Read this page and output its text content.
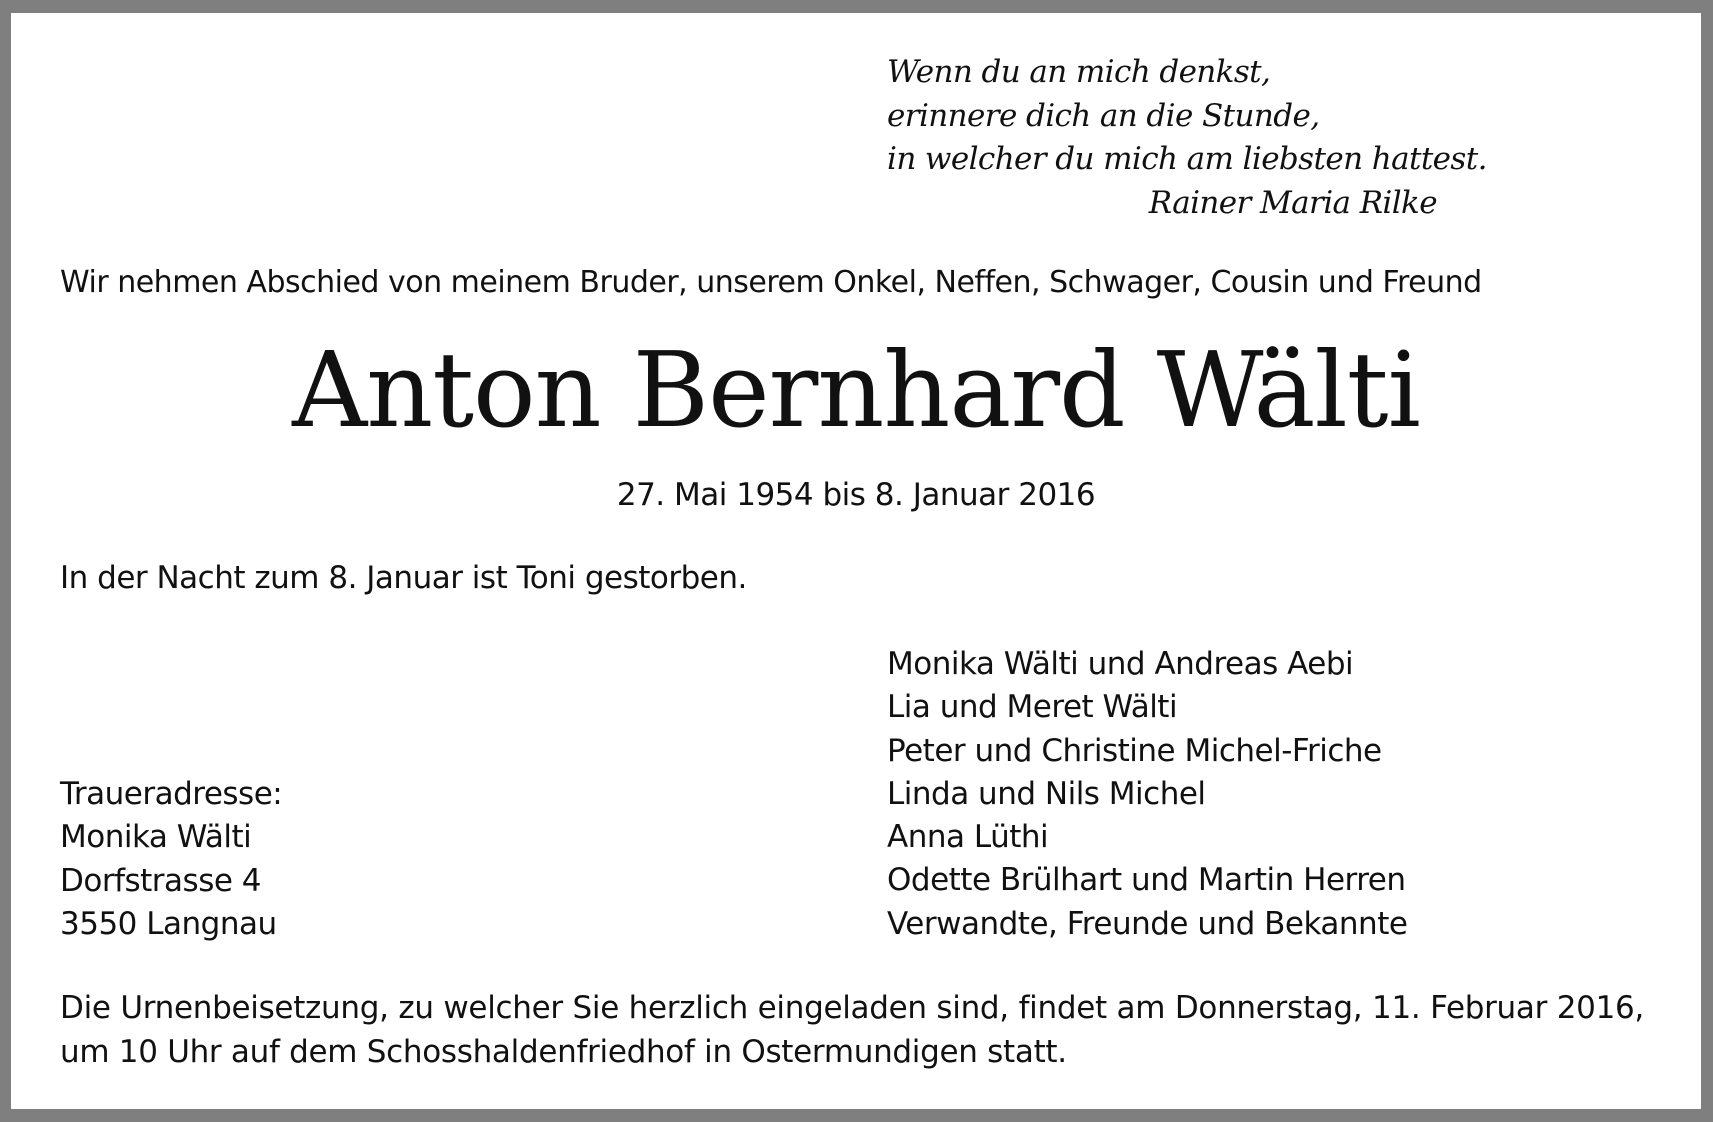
Wenn du an mich denkst,
erinnere dich an die Stunde,
in welcher du mich am liebsten hattest.
Rainer Maria Rilke
Wir nehmen Abschied von meinem Bruder, unserem Onkel, Neffen, Schwager, Cousin und Freund
Anton Bernhard Wälti
27. Mai 1954 bis 8. Januar 2016
In der Nacht zum 8. Januar ist Toni gestorben.
Monika Wälti und Andreas Aebi
Lia und Meret Wälti
Peter und Christine Michel-Friche
Linda und Nils Michel
Anna Lüthi
Odette Brülhart und Martin Herren
Verwandte, Freunde und Bekannte
Traueradresse:
Monika Wälti
Dorfstrasse 4
3550 Langnau
Die Urnenbeisetzung, zu welcher Sie herzlich eingeladen sind, findet am Donnerstag, 11. Februar 2016, um 10 Uhr auf dem Schosshaldenfriedhof in Ostermundigen statt.
